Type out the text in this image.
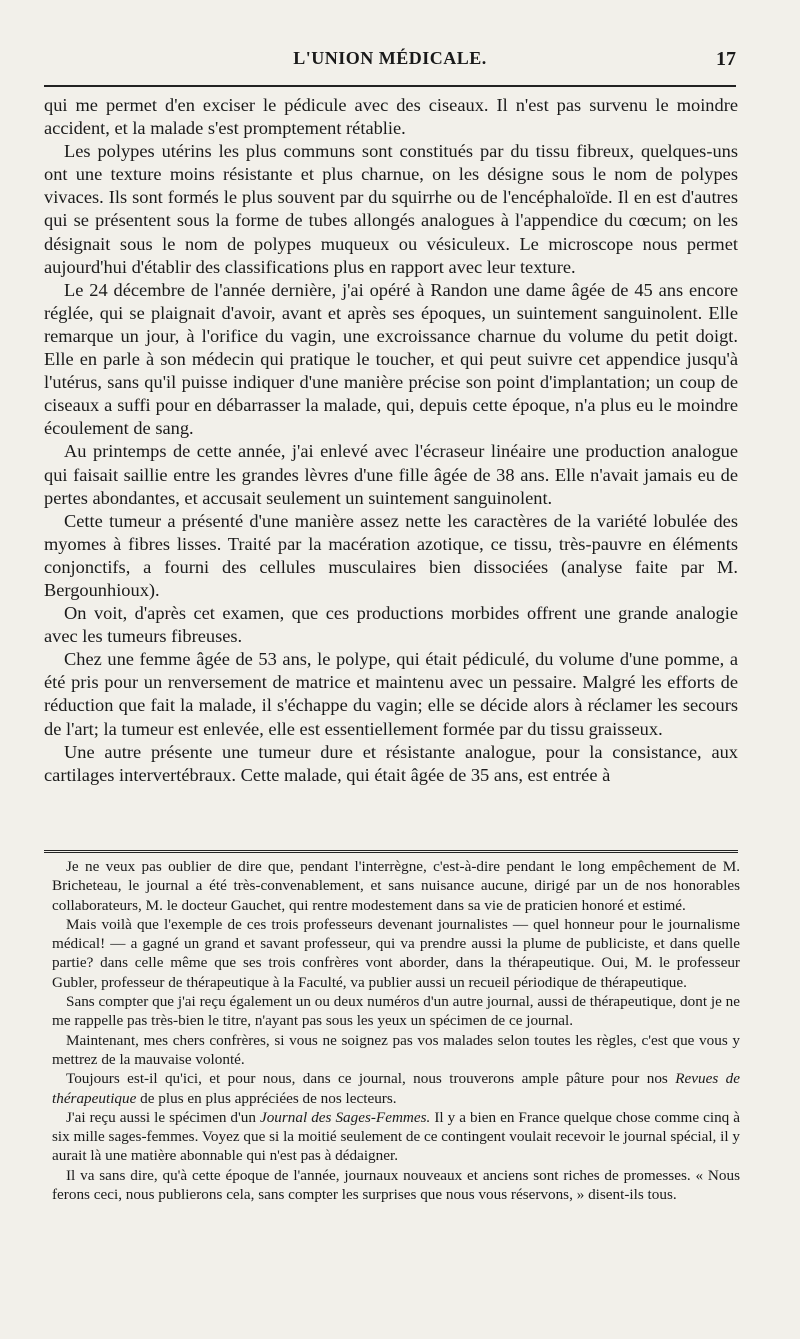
L'UNION MÉDICALE.	17

qui me permet d'en exciser le pédicule avec des ciseaux. Il n'est pas survenu le moindre accident, et la malade s'est promptement rétablie.

Les polypes utérins les plus communs sont constitués par du tissu fibreux, quelques-uns ont une texture moins résistante et plus charnue, on les désigne sous le nom de polypes vivaces. Ils sont formés le plus souvent par du squirrhe ou de l'encéphaloïde. Il en est d'autres qui se présentent sous la forme de tubes allongés analogues à l'appendice du cœcum; on les désignait sous le nom de polypes muqueux ou vésiculeux. Le microscope nous permet aujourd'hui d'établir des classifications plus en rapport avec leur texture.

Le 24 décembre de l'année dernière, j'ai opéré à Randon une dame âgée de 45 ans encore réglée, qui se plaignait d'avoir, avant et après ses époques, un suintement sanguinolent. Elle remarque un jour, à l'orifice du vagin, une excroissance charnue du volume du petit doigt. Elle en parle à son médecin qui pratique le toucher, et qui peut suivre cet appendice jusqu'à l'utérus, sans qu'il puisse indiquer d'une manière précise son point d'implantation; un coup de ciseaux a suffi pour en débarrasser la malade, qui, depuis cette époque, n'a plus eu le moindre écoulement de sang.

Au printemps de cette année, j'ai enlevé avec l'écraseur linéaire une production analogue qui faisait saillie entre les grandes lèvres d'une fille âgée de 38 ans. Elle n'avait jamais eu de pertes abondantes, et accusait seulement un suintement sanguinolent.

Cette tumeur a présenté d'une manière assez nette les caractères de la variété lobulée des myomes à fibres lisses. Traité par la macération azotique, ce tissu, très-pauvre en éléments conjonctifs, a fourni des cellules musculaires bien dissociées (analyse faite par M. Bergounhioux).

On voit, d'après cet examen, que ces productions morbides offrent une grande analogie avec les tumeurs fibreuses.

Chez une femme âgée de 53 ans, le polype, qui était pédiculé, du volume d'une pomme, a été pris pour un renversement de matrice et maintenu avec un pessaire. Malgré les efforts de réduction que fait la malade, il s'échappe du vagin; elle se décide alors à réclamer les secours de l'art; la tumeur est enlevée, elle est essentiellement formée par du tissu graisseux.

Une autre présente une tumeur dure et résistante analogue, pour la consistance, aux cartilages intervertébraux. Cette malade, qui était âgée de 35 ans, est entrée à

Je ne veux pas oublier de dire que, pendant l'interrègne, c'est-à-dire pendant le long empêchement de M. Bricheteau, le journal a été très-convenablement, et sans nuisance aucune, dirigé par un de nos honorables collaborateurs, M. le docteur Gauchet, qui rentre modestement dans sa vie de praticien honoré et estimé.

Mais voilà que l'exemple de ces trois professeurs devenant journalistes — quel honneur pour le journalisme médical! — a gagné un grand et savant professeur, qui va prendre aussi la plume de publiciste, et dans quelle partie? dans celle même que ses trois confrères vont aborder, dans la thérapeutique. Oui, M. le professeur Gubler, professeur de thérapeutique à la Faculté, va publier aussi un recueil périodique de thérapeutique.

Sans compter que j'ai reçu également un ou deux numéros d'un autre journal, aussi de thérapeutique, dont je ne me rappelle pas très-bien le titre, n'ayant pas sous les yeux un spécimen de ce journal.

Maintenant, mes chers confrères, si vous ne soignez pas vos malades selon toutes les règles, c'est que vous y mettrez de la mauvaise volonté.

Toujours est-il qu'ici, et pour nous, dans ce journal, nous trouverons ample pâture pour nos Revues de thérapeutique de plus en plus appréciées de nos lecteurs.

J'ai reçu aussi le spécimen d'un Journal des Sages-Femmes. Il y a bien en France quelque chose comme cinq à six mille sages-femmes. Voyez que si la moitié seulement de ce contingent voulait recevoir le journal spécial, il y aurait là une matière abonnable qui n'est pas à dédaigner.

Il va sans dire, qu'à cette époque de l'année, journaux nouveaux et anciens sont riches de promesses. « Nous ferons ceci, nous publierons cela, sans compter les surprises que nous vous réservons, » disent-ils tous.
